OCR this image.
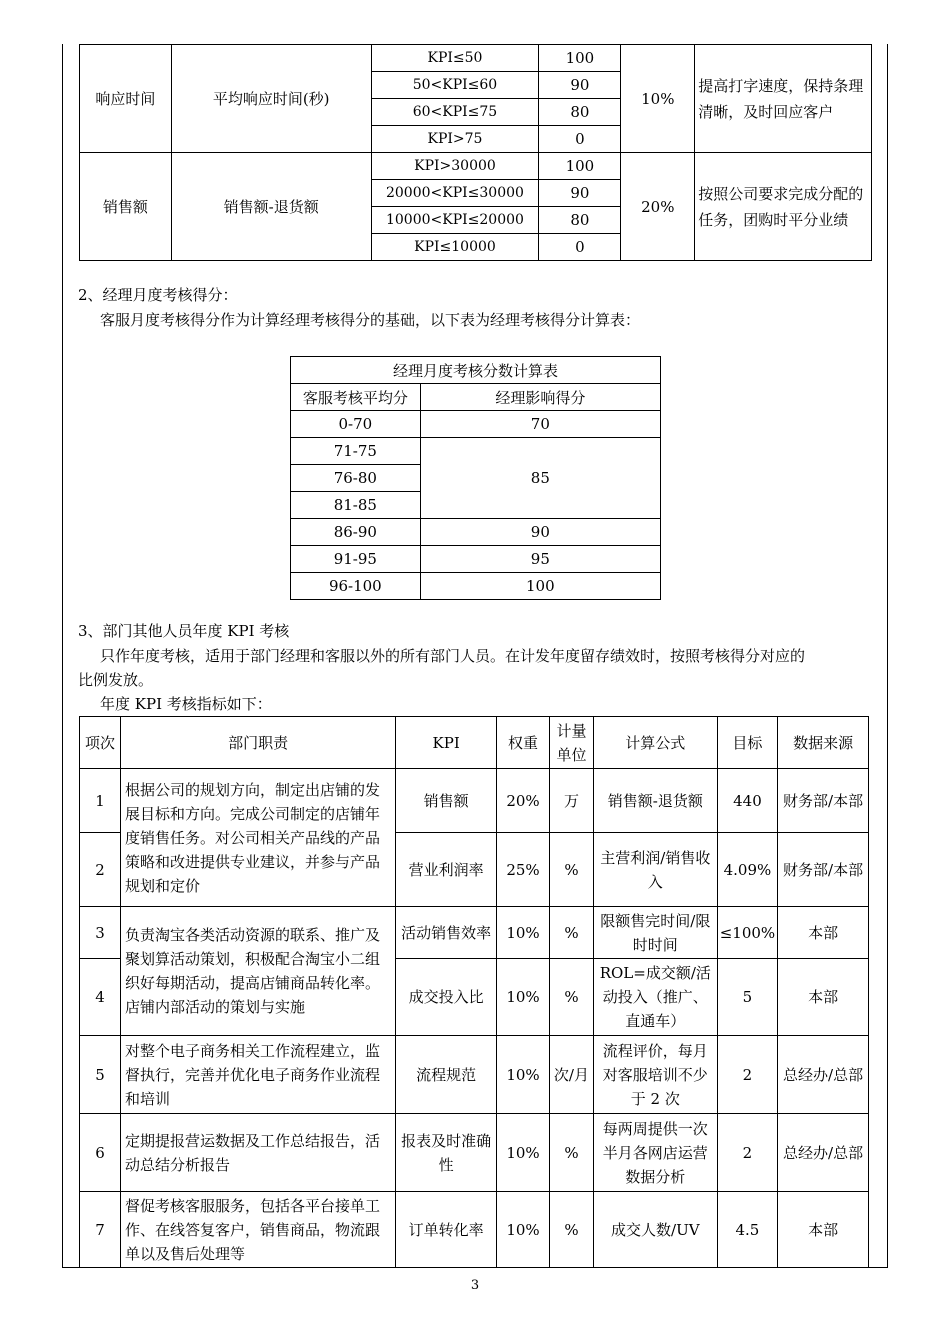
响应时间	平均响应时间(秒)	KPI≤50	100	10%	提高打字速度，保持条理清晰，及时回应客户
		50<KPI≤60	90		
		60<KPI≤75	80		
		KPI>75	0		
销售额	销售额-退货额	KPI>30000	100	20%	按照公司要求完成分配的任务，团购时平分业绩
		20000<KPI≤30000	90		
		10000<KPI≤20000	80		
		KPI≤10000	0		
2、经理月度考核得分：
客服月度考核得分作为计算经理考核得分的基础，以下表为经理考核得分计算表：
经理月度考核分数计算表	
客服考核平均分	经理影响得分
0-70	70
71-75	85
76-80	
81-85	
86-90	90
91-95	95
96-100	100
3、部门其他人员年度 KPI 考核
只作年度考核，适用于部门经理和客服以外的所有部门人员。在计发年度留存绩效时，按照考核得分对应的
比例发放。
年度 KPI 考核指标如下：
项次	部门职责	KPI	权重	计量单位	计算公式	目标	数据来源
1	根据公司的规划方向，制定出店铺的发展目标和方向。完成公司制定的店铺年度销售任务。对公司相关产品线的产品策略和改进提供专业建议，并参与产品规划和定价	销售额	20%	万	销售额-退货额	440	财务部/本部
2		营业利润率	25%	%	主营利润/销售收入	4.09%	财务部/本部
3	负责淘宝各类活动资源的联系、推广及聚划算活动策划，积极配合淘宝小二组织好每期活动，提高店铺商品转化率。店铺内部活动的策划与实施	活动销售效率	10%	%	限额售完时间/限时时间	≤100%	本部
4		成交投入比	10%	%	ROL=成交额/活动投入（推广、直通车）	5	本部
5	对整个电子商务相关工作流程建立，监督执行，完善并优化电子商务作业流程和培训	流程规范	10%	次/月	流程评价，每月对客服培训不少于 2 次	2	总经办/总部
6	定期提报营运数据及工作总结报告，活动总结分析报告	报表及时准确性	10%	%	每两周提供一次半月各网店运营数据分析	2	总经办/总部
7	督促考核客服服务，包括各平台接单工作、在线答复客户，销售商品，物流跟单以及售后处理等	订单转化率	10%	%	成交人数/UV	4.5	本部
3
